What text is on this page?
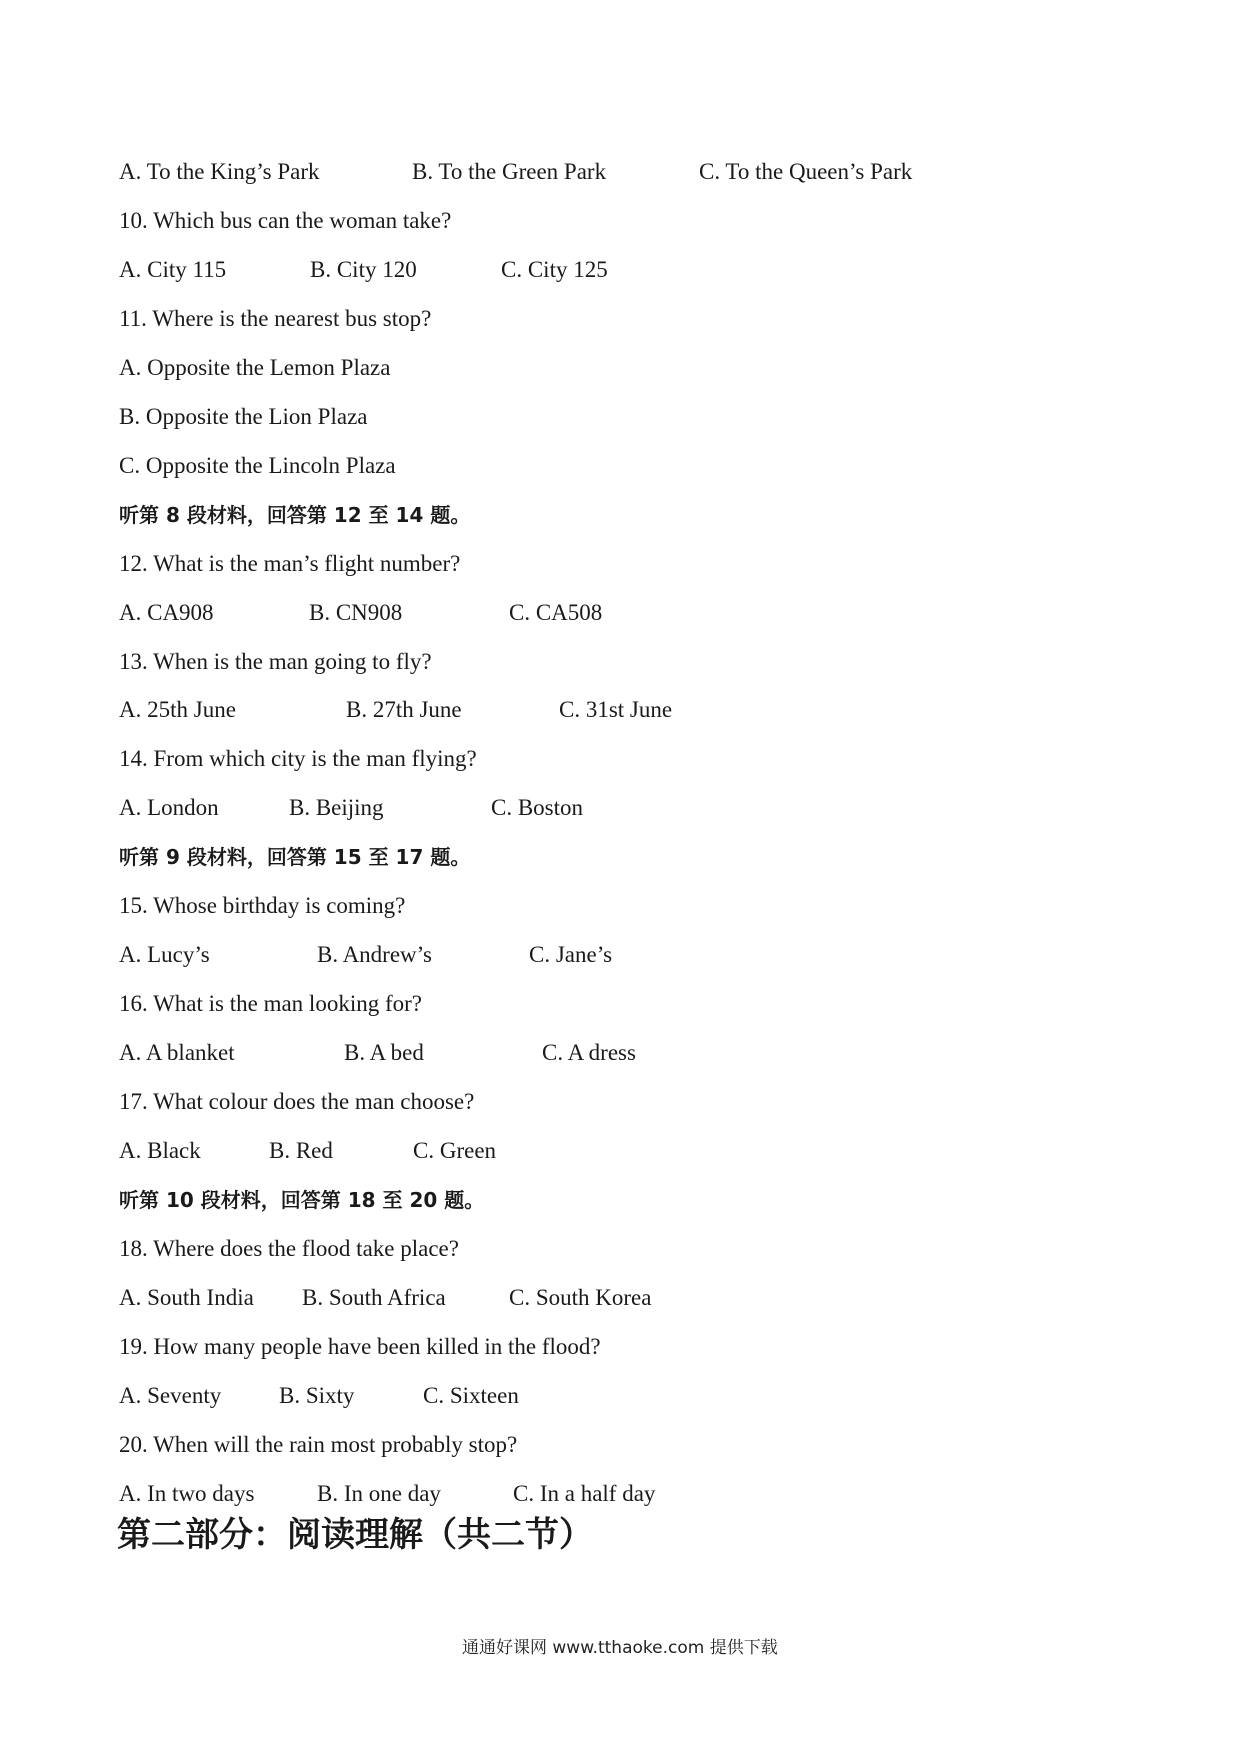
A. To the King’s Park	B. To the Green Park	C. To the Queen’s Park
10. Which bus can the woman take?
A. City 115	B. City 120	C. City 125
11. Where is the nearest bus stop?
A. Opposite the Lemon Plaza
B. Opposite the Lion Plaza
C. Opposite the Lincoln Plaza
听第 8 段材料，回答第 12 至 14 题。
12. What is the man’s flight number?
A. CA908	B. CN908	C. CA508
13. When is the man going to fly?
A. 25th June	B. 27th June	C. 31st June
14. From which city is the man flying?
A. London	B. Beijing	C. Boston
听第 9 段材料，回答第 15 至 17 题。
15. Whose birthday is coming?
A. Lucy’s	B. Andrew’s	C. Jane’s
16. What is the man looking for?
A. A blanket	B. A bed	C. A dress
17. What colour does the man choose?
A. Black	B. Red	C. Green
听第 10 段材料，回答第 18 至 20 题。
18. Where does the flood take place?
A. South India B. South Africa	C. South Korea
19. How many people have been killed in the flood?
A. Seventy	B. Sixty	C. Sixteen
20. When will the rain most probably stop?
A. In two days	B. In one day	C. In a half day
第二部分：阅读理解（共二节）
通通好课网 www.tthaoke.com 提供下载
